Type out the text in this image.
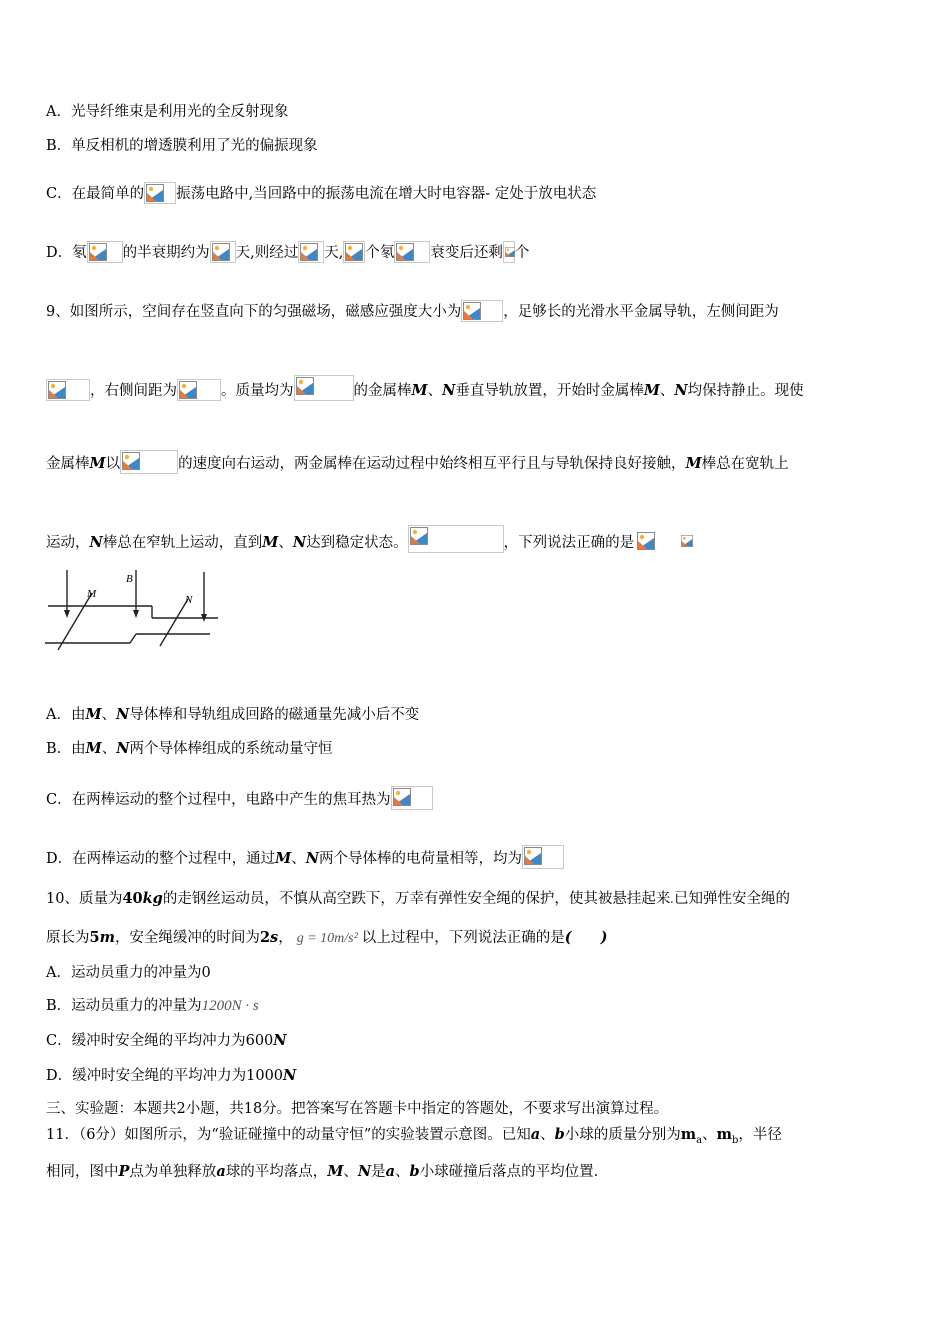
A．光导纤维束是利用光的全反射现象
B．单反相机的增透膜利用了光的偏振现象
C．在最简单的 振荡电路中,当回路中的振荡电流在增大时电容器- 定处于放电状态
D．氡 的半衰期约为 天,则经过 天, 个氡 衰变后还剩 个
9、如图所示，空间存在竖直向下的匀强磁场，磁感应强度大小为	，足够长的光滑水平金属导轨，左侧间距为
，右侧间距为	。质量均为	的金属棒M、N垂直导轨放置，开始时金属棒M、N均保持静止。现使
金属棒M以	的速度向右运动，两金属棒在运动过程中始终相互平行且与导轨保持良好接触，M棒总在宽轨上
运动，N棒总在窄轨上运动，直到M、N达到稳定状态。	，下列说法正确的是
M
B
N
A．由M、N导体棒和导轨组成回路的磁通量先减小后不变
B．由M、N两个导体棒组成的系统动量守恒
C．在两棒运动的整个过程中，电路中产生的焦耳热为
D．在两棒运动的整个过程中，通过M、N两个导体棒的电荷量相等，均为
10、质量为40kg的走钢丝运动员，不慎从高空跌下，万幸有弹性安全绳的保护，使其被悬挂起来.已知弹性安全绳的
原长为5m，安全绳缓冲的时间为2s， g = 10m/s² 以上过程中，下列说法正确的是(　　)
A．运动员重力的冲量为0
B．运动员重力的冲量为1200N · s
C．缓冲时安全绳的平均冲力为600N
D．缓冲时安全绳的平均冲力为1000N
三、实验题：本题共2小题，共18分。把答案写在答题卡中指定的答题处，不要求写出演算过程。
11．（6分）如图所示，为“验证碰撞中的动量守恒”的实验装置示意图。已知a、b小球的质量分别为$m_a$、$m_b$，半径
相同，图中P点为单独释放a球的平均落点，M、N是a、b小球碰撞后落点的平均位置.
